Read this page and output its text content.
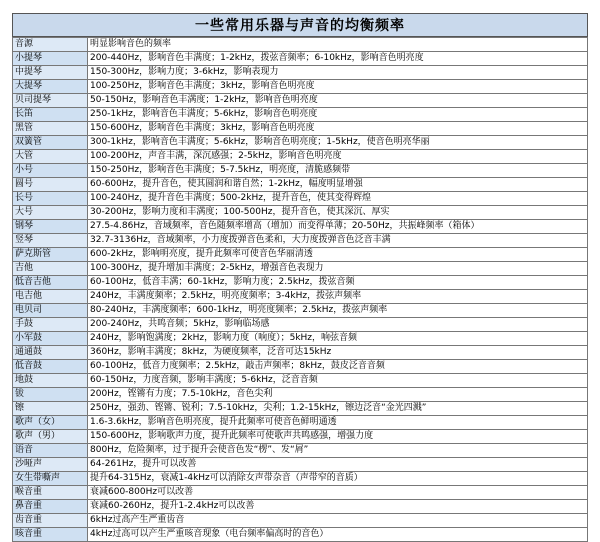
一些常用乐器与声音的均衡频率
音源	明显影响音色的频率
小提琴	200-440Hz，影响音色丰满度；1-2kHz，拨弦音频率；6-10kHz，影响音色明亮度
中提琴	150-300Hz，影响力度；3-6kHz，影响表现力
大提琴	100-250Hz，影响音色丰满度；3kHz，影响音色明亮度
贝司提琴	50-150Hz，影响音色丰满度；1-2kHz，影响音色明亮度
长笛	250-1kHz，影响音色丰满度；5-6kHz，影响音色明亮度
黑管	150-600Hz，影响音色丰满度；3kHz，影响音色明亮度
双簧管	300-1kHz，影响音色丰满度；5-6kHz，影响音色明亮度；1-5kHz，使音色明亮华丽
大管	100-200Hz，声音丰满，深沉感强；2-5kHz，影响音色明亮度
小号	150-250Hz，影响音色丰满度；5-7.5kHz，明亮度，清脆感频带
圆号	60-600Hz，提升音色，使其圆润和谐自然；1-2kHz，幅度明显增强
长号	100-240Hz，提升音色丰满度；500-2kHz，提升音色，使其变得辉煌
大号	30-200Hz，影响力度和丰满度；100-500Hz，提升音色，使其深沉、厚实
钢琴	27.5-4.86Hz，音域频率，音色随频率增高（增加）而变得单薄；20-50Hz，共振峰频率（箱体）
竖琴	32.7-3136Hz，音域频率，小力度拨弹音色柔和，大力度拨弹音色泛音丰满
萨克斯管	600-2kHz，影响明亮度，提升此频率可使音色华丽清透
吉他	100-300Hz，提升增加丰满度；2-5kHz，增强音色表现力
低音吉他	60-100Hz，低音丰满；60-1kHz，影响力度；2.5kHz，拨弦音频
电吉他	240Hz，丰满度频率；2.5kHz，明亮度频率；3-4kHz，拨弦声频率
电贝司	80-240Hz，丰满度频率；600-1kHz，明亮度频率；2.5kHz，拨弦声频率
手鼓	200-240Hz，共鸣音频；5kHz，影响临场感
小军鼓	240Hz，影响饱满度；2kHz，影响力度（响度）；5kHz，响弦音频
通通鼓	360Hz，影响丰满度；8kHz，为硬度频率，泛音可达15kHz
低音鼓	60-100Hz，低音力度频率；2.5kHz，敲击声频率；8kHz，鼓皮泛音音频
地鼓	60-150Hz，力度音频，影响丰满度；5-6kHz，泛音音频
钹	200Hz，铿锵有力度；7.5-10kHz，音色尖利
镲	250Hz，强劲、铿锵、锐利；7.5-10kHz，尖利；1.2-15kHz，镲边泛音“金光四溅”
歌声（女）	1.6-3.6kHz，影响音色明亮度，提升此频率可使音色鲜明通透
歌声（男）	150-600Hz，影响歌声力度，提升此频率可使歌声共鸣感强，增强力度
语音	800Hz，危险频率，过于提升会使音色发“楞”、发“屑”
沙哑声	64-261Hz，提升可以改善
女生带嘶声	提升64-315Hz，衰减1-4kHz可以消除女声带杂音（声带窄的音质）
喉音重	衰减600-800Hz可以改善
鼻音重	衰减60-260Hz，提升1-2.4kHz可以改善
齿音重	6kHz过高产生严重齿音
咳音重	4kHz过高可以产生严重咳音现象（电台频率偏高时的音色）
